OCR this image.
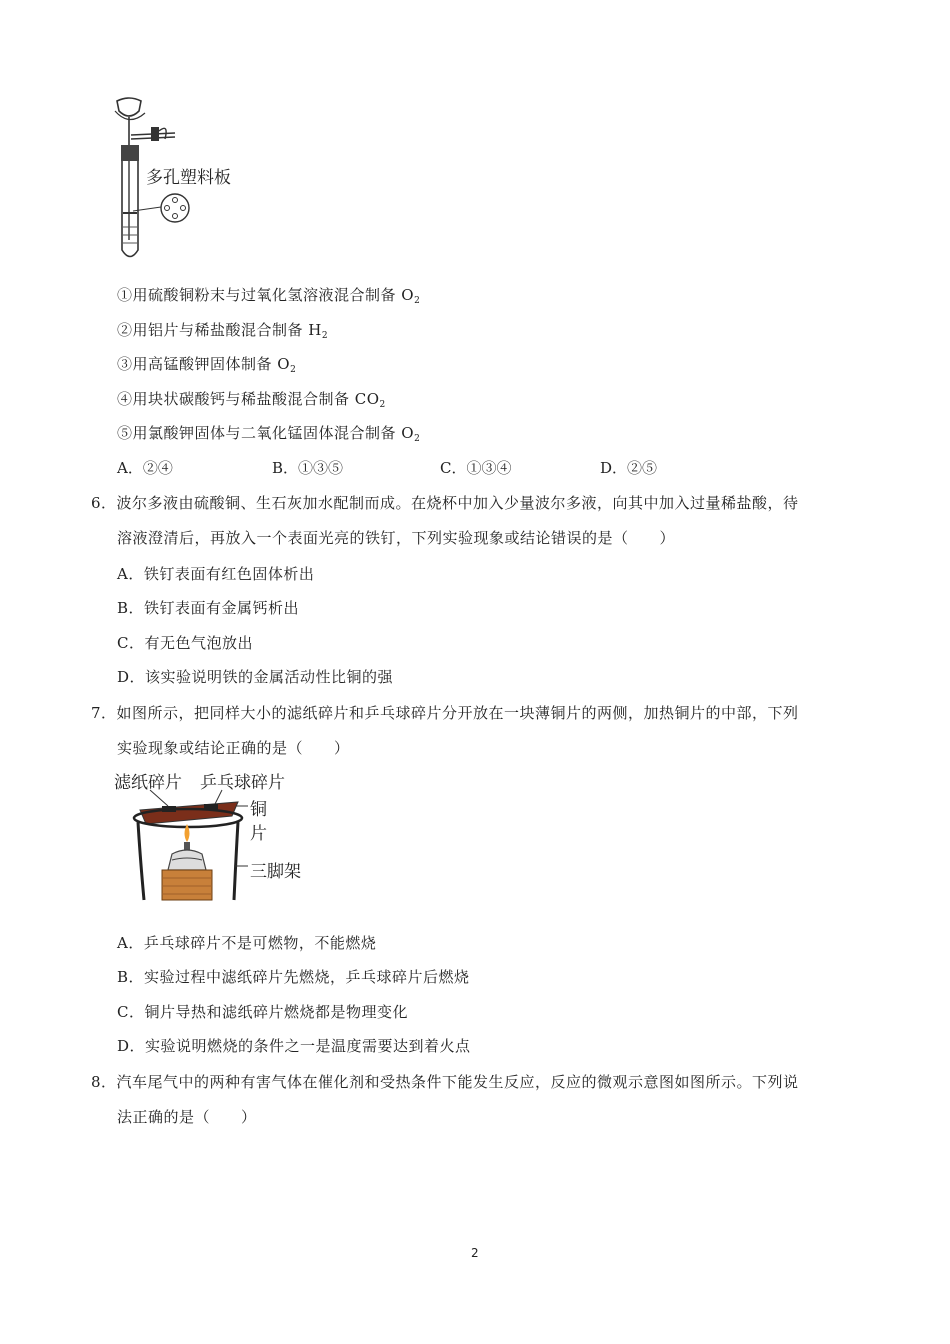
多孔塑料板
①用硫酸铜粉末与过氧化氢溶液混合制备 $O_2$
②用铝片与稀盐酸混合制备 $H_2$
③用高锰酸钾固体制备 $O_2$
④用块状碳酸钙与稀盐酸混合制备 $CO_2$
⑤用氯酸钾固体与二氧化锰固体混合制备 $O_2$
A．②④	B．①③⑤	C．①③④	D．②⑤
6．波尔多液由硫酸铜、生石灰加水配制而成。在烧杯中加入少量波尔多液，向其中加入过量稀盐酸，待
溶液澄清后，再放入一个表面光亮的铁钉，下列实验现象或结论错误的是（　　）
A．铁钉表面有红色固体析出
B．铁钉表面有金属钙析出
C．有无色气泡放出
D．该实验说明铁的金属活动性比铜的强
7．如图所示，把同样大小的滤纸碎片和乒乓球碎片分开放在一块薄铜片的两侧，加热铜片的中部，下列
实验现象或结论正确的是（　　）
滤纸碎片 乒乓球碎片
铜
片
三脚架
A．乒乓球碎片不是可燃物，不能燃烧
B．实验过程中滤纸碎片先燃烧，乒乓球碎片后燃烧
C．铜片导热和滤纸碎片燃烧都是物理变化
D．实验说明燃烧的条件之一是温度需要达到着火点
8．汽车尾气中的两种有害气体在催化剂和受热条件下能发生反应，反应的微观示意图如图所示。下列说
法正确的是（　　）
2
